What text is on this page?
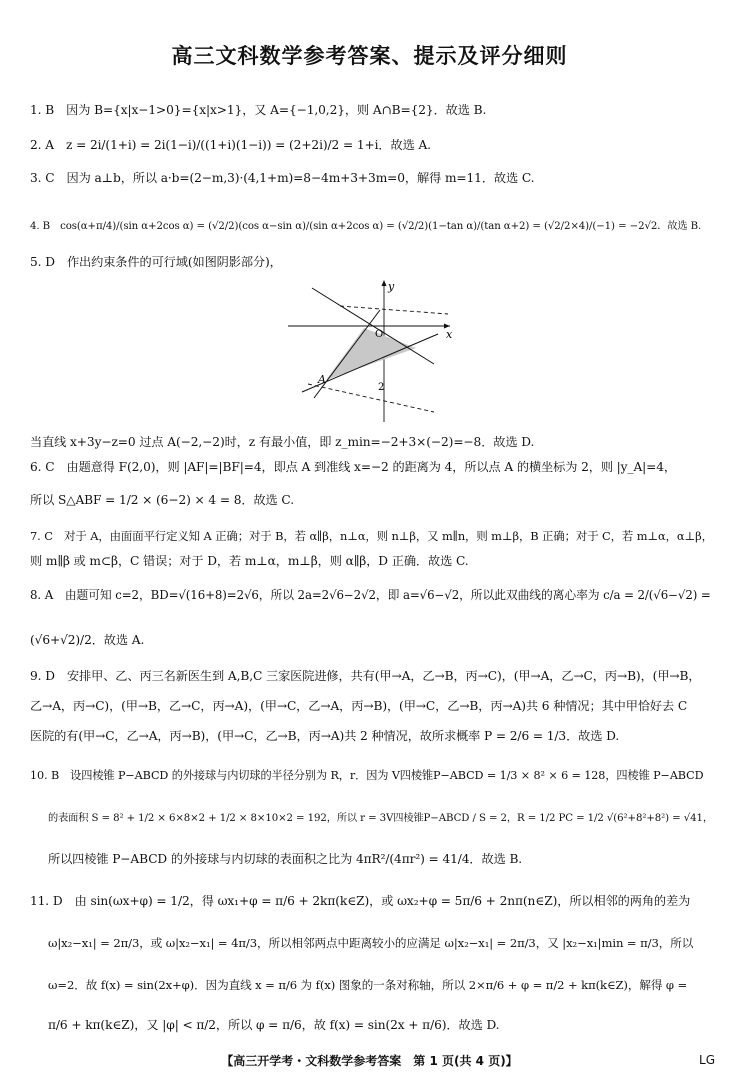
高三文科数学参考答案、提示及评分细则
1. B　因为 B={x|x−1>0}={x|x>1}，又 A={−1,0,2}，则 A∩B={2}．故选 B.
2. A　z = 2i/(1+i) = 2i(1−i)/((1+i)(1−i)) = (2+2i)/2 = 1+i．故选 A.
3. C　因为 a⊥b，所以 a·b=(2−m,3)·(4,1+m)=8−4m+3+3m=0，解得 m=11．故选 C.
4. B　cos(α+π/4)/(sin α+2cos α) = (√2/2)(cos α−sin α)/(sin α+2cos α) = (√2/2)(1−tan α)/(tan α+2) = (√2/2×4)/(−1) = −2√2．故选 B.
5. D　作出约束条件的可行域(如图阴影部分)，
y
x
O
A
2
当直线 x+3y−z=0 过点 A(−2,−2)时，z 有最小值，即 z_min=−2+3×(−2)=−8．故选 D.
6. C　由题意得 F(2,0)，则 |AF|=|BF|=4，即点 A 到准线 x=−2 的距离为 4，所以点 A 的横坐标为 2，则 |y_A|=4，
所以 S△ABF = 1/2 × (6−2) × 4 = 8．故选 C.
7. C　对于 A，由面面平行定义知 A 正确；对于 B，若 α∥β，n⊥α，则 n⊥β，又 m∥n，则 m⊥β，B 正确；对于 C，若 m⊥α，α⊥β，
则 m∥β 或 m⊂β，C 错误；对于 D，若 m⊥α，m⊥β，则 α∥β，D 正确．故选 C.
8. A　由题可知 c=2，BD=√(16+8)=2√6，所以 2a=2√6−2√2，即 a=√6−√2，所以此双曲线的离心率为 c/a = 2/(√6−√2) =
(√6+√2)/2．故选 A.
9. D　安排甲、乙、丙三名新医生到 A,B,C 三家医院进修，共有(甲→A，乙→B，丙→C)，(甲→A，乙→C，丙→B)，(甲→B，
乙→A，丙→C)，(甲→B，乙→C，丙→A)，(甲→C，乙→A，丙→B)，(甲→C，乙→B，丙→A)共 6 种情况；其中甲恰好去 C
医院的有(甲→C，乙→A，丙→B)，(甲→C，乙→B，丙→A)共 2 种情况，故所求概率 P = 2/6 = 1/3．故选 D.
10. B　设四棱锥 P−ABCD 的外接球与内切球的半径分别为 R，r．因为 V四棱锥P−ABCD = 1/3 × 8² × 6 = 128，四棱锥 P−ABCD
的表面积 S = 8² + 1/2 × 6×8×2 + 1/2 × 8×10×2 = 192，所以 r = 3V四棱锥P−ABCD / S = 2，R = 1/2 PC = 1/2 √(6²+8²+8²) = √41，
所以四棱锥 P−ABCD 的外接球与内切球的表面积之比为 4πR²/(4πr²) = 41/4．故选 B.
11. D　由 sin(ωx+φ) = 1/2，得 ωx₁+φ = π/6 + 2kπ(k∈Z)，或 ωx₂+φ = 5π/6 + 2nπ(n∈Z)，所以相邻的两角的差为
ω|x₂−x₁| = 2π/3，或 ω|x₂−x₁| = 4π/3，所以相邻两点中距离较小的应满足 ω|x₂−x₁| = 2π/3，又 |x₂−x₁|min = π/3，所以
ω=2．故 f(x) = sin(2x+φ)．因为直线 x = π/6 为 f(x) 图象的一条对称轴，所以 2×π/6 + φ = π/2 + kπ(k∈Z)，解得 φ =
π/6 + kπ(k∈Z)，又 |φ| < π/2，所以 φ = π/6，故 f(x) = sin(2x + π/6)．故选 D.
【高三开学考・文科数学参考答案　第 1 页(共 4 页)】	LG
